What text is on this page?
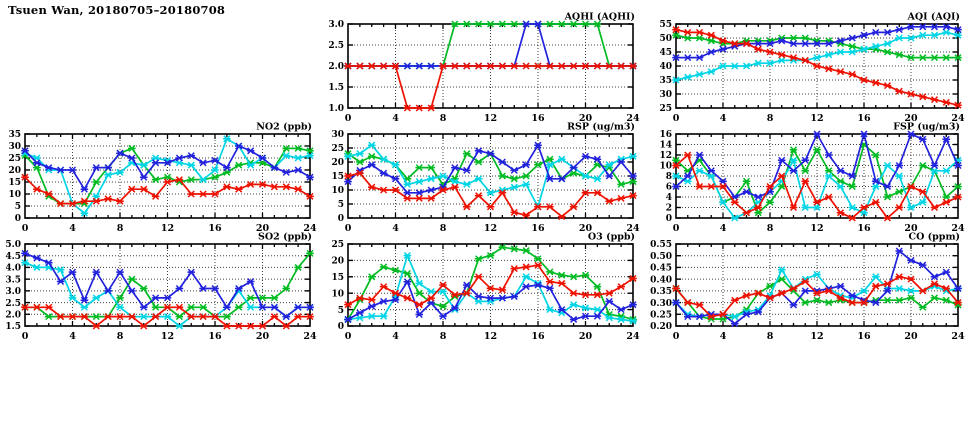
Tsuen Wan, 20180705–20180708
1.0
1.5
2.0
2.5
3.0
0	4	8	12	16	20	24
AQHI (AQHI)
25
30
35
40
45
50
55
0	4	8	12	16	20	24
AQI (AQI)
0
5
10
15
20
25
30
35
0	4	8	12	16	20	24
NO2 (ppb)
0
5
10
15
20
25
30
0	4	8	12	16	20	24
RSP (ug/m3)
0
2
4
6
8
10
12
14
16
0	4	8	12	16	20	24
FSP (ug/m3)
1.5
2.0
2.5
3.0
3.5
4.0
4.5
5.0
0	4	8	12	16	20	24
SO2 (ppb)
0
5
10
15
20
25
0	4	8	12	16	20	24
O3 (ppb)
0.20
0.25
0.30
0.35
0.40
0.45
0.50
0.55
0	4	8	12	16	20	24
CO (ppm)
